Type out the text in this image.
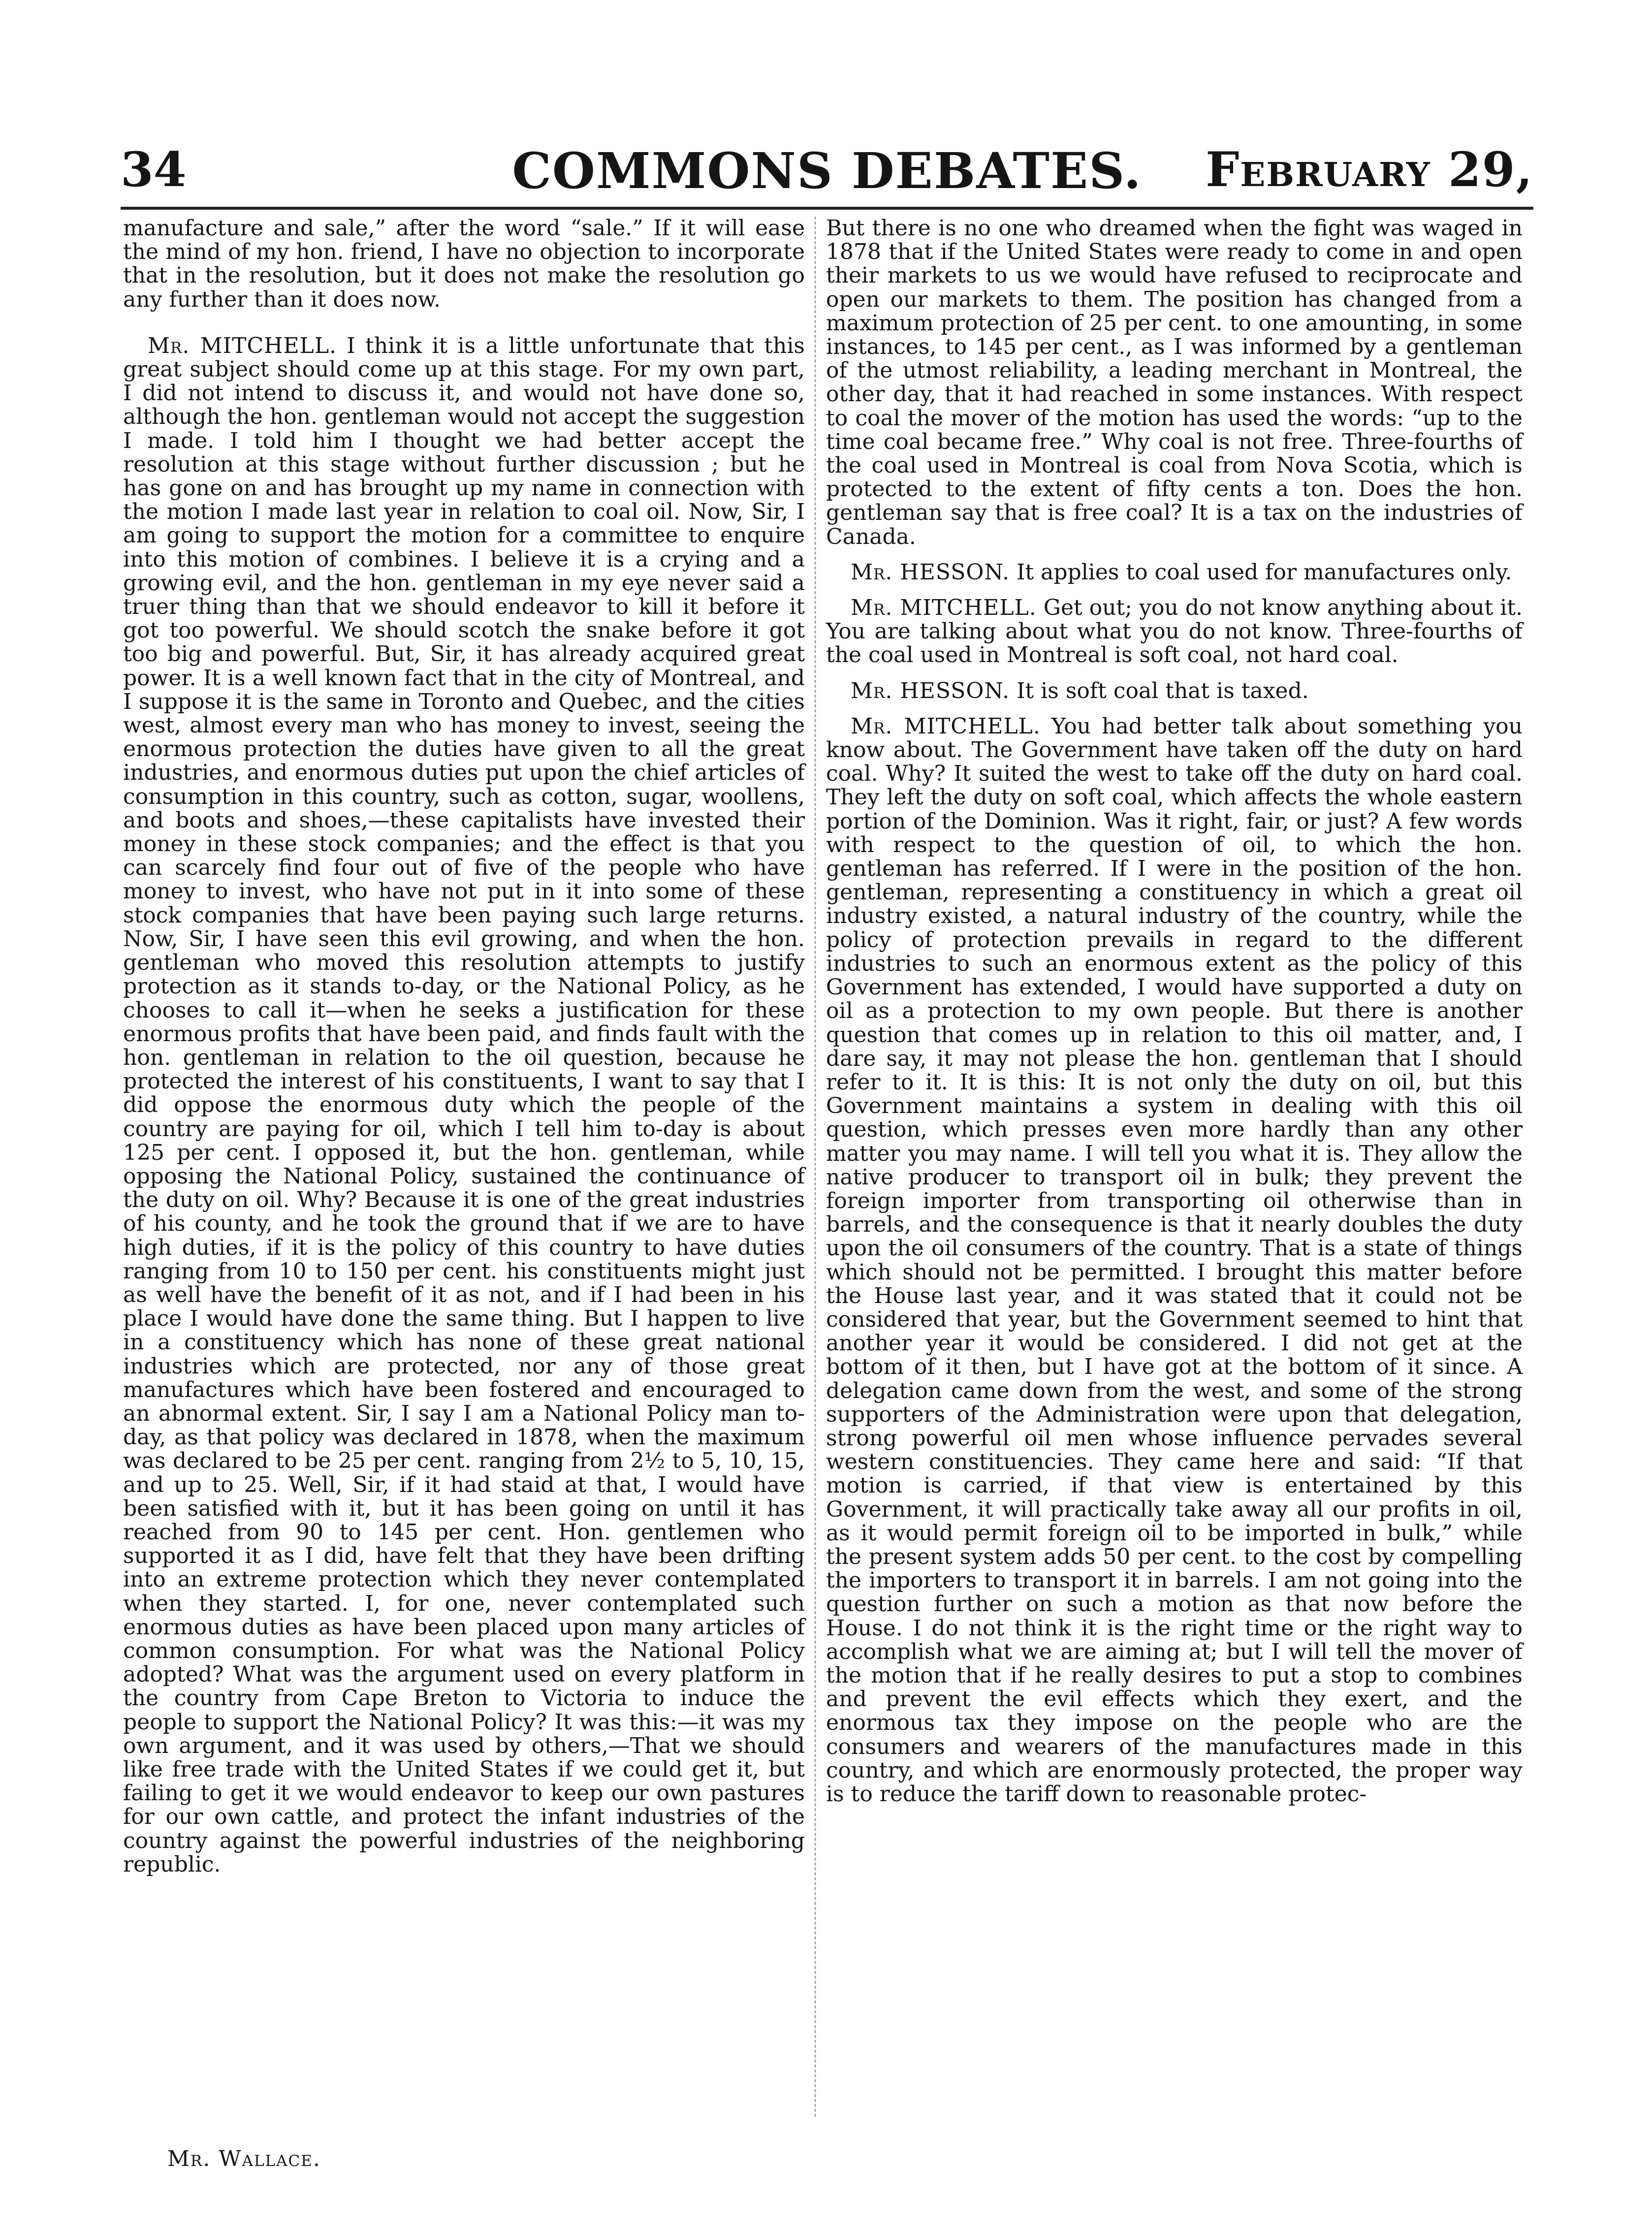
34	COMMONS DEBATES.	February 29,

manufacture and sale,” after the word “sale.” If it will ease the mind of my hon. friend, I have no objection to incorporate that in the resolution, but it does not make the resolution go any further than it does now.

Mr. MITCHELL. I think it is a little unfortunate that this great subject should come up at this stage. For my own part, I did not intend to discuss it, and would not have done so, although the hon. gentleman would not accept the suggestion I made. I told him I thought we had better accept the resolution at this stage without further discussion ; but he has gone on and has brought up my name in connection with the motion I made last year in relation to coal oil. Now, Sir, I am going to support the motion for a committee to enquire into this motion of combines. I believe it is a crying and a growing evil, and the hon. gentleman in my eye never said a truer thing than that we should endeavor to kill it before it got too powerful. We should scotch the snake before it got too big and powerful. But, Sir, it has already acquired great power. It is a well known fact that in the city of Montreal, and I suppose it is the same in Toronto and Quebec, and the cities west, almost every man who has money to invest, seeing the enormous protection the duties have given to all the great industries, and enormous duties put upon the chief articles of consumption in this country, such as cotton, sugar, woollens, and boots and shoes,—these capitalists have invested their money in these stock companies; and the effect is that you can scarcely find four out of five of the people who have money to invest, who have not put in it into some of these stock companies that have been paying such large returns. Now, Sir, I have seen this evil growing, and when the hon. gentleman who moved this resolution attempts to justify protection as it stands to-day, or the National Policy, as he chooses to call it—when he seeks a justification for these enormous profits that have been paid, and finds fault with the hon. gentleman in relation to the oil question, because he protected the interest of his constituents, I want to say that I did oppose the enormous duty which the people of the country are paying for oil, which I tell him to-day is about 125 per cent. I opposed it, but the hon. gentleman, while opposing the National Policy, sustained the continuance of the duty on oil. Why? Because it is one of the great industries of his county, and he took the ground that if we are to have high duties, if it is the policy of this country to have duties ranging from 10 to 150 per cent. his constituents might just as well have the benefit of it as not, and if I had been in his place I would have done the same thing. But I happen to live in a constituency which has none of these great national industries which are protected, nor any of those great manufactures which have been fostered and encouraged to an abnormal extent. Sir, I say I am a National Policy man to-day, as that policy was declared in 1878, when the maximum was declared to be 25 per cent. ranging from 2½ to 5, 10, 15, and up to 25. Well, Sir, if it had staid at that, I would have been satisfied with it, but it has been going on until it has reached from 90 to 145 per cent. Hon. gentlemen who supported it as I did, have felt that they have been drifting into an extreme protection which they never contemplated when they started. I, for one, never contemplated such enormous duties as have been placed upon many articles of common consumption. For what was the National Policy adopted? What was the argument used on every platform in the country from Cape Breton to Victoria to induce the people to support the National Policy? It was this:—it was my own argument, and it was used by others,—That we should like free trade with the United States if we could get it, but failing to get it we would endeavor to keep our own pastures for our own cattle, and protect the infant industries of the country against the powerful industries of the neighboring republic.

But there is no one who dreamed when the fight was waged in 1878 that if the United States were ready to come in and open their markets to us we would have refused to reciprocate and open our markets to them. The position has changed from a maximum protection of 25 per cent. to one amounting, in some instances, to 145 per cent., as I was informed by a gentleman of the utmost reliability, a leading merchant in Montreal, the other day, that it had reached in some instances. With respect to coal the mover of the motion has used the words: “up to the time coal became free.” Why coal is not free. Three-fourths of the coal used in Montreal is coal from Nova Scotia, which is protected to the extent of fifty cents a ton. Does the hon. gentleman say that is free coal? It is a tax on the industries of Canada.

Mr. HESSON. It applies to coal used for manufactures only.

Mr. MITCHELL. Get out; you do not know anything about it. You are talking about what you do not know. Three-fourths of the coal used in Montreal is soft coal, not hard coal.

Mr. HESSON. It is soft coal that is taxed.

Mr. MITCHELL. You had better talk about something you know about. The Government have taken off the duty on hard coal. Why? It suited the west to take off the duty on hard coal. They left the duty on soft coal, which affects the whole eastern portion of the Dominion. Was it right, fair, or just? A few words with respect to the question of oil, to which the hon. gentleman has referred. If I were in the position of the hon. gentleman, representing a constituency in which a great oil industry existed, a natural industry of the country, while the policy of protection prevails in regard to the different industries to such an enormous extent as the policy of this Government has extended, I would have supported a duty on oil as a protection to my own people. But there is another question that comes up in relation to this oil matter, and, I dare say, it may not please the hon. gentleman that I should refer to it. It is this: It is not only the duty on oil, but this Government maintains a system in dealing with this oil question, which presses even more hardly than any other matter you may name. I will tell you what it is. They allow the native producer to transport oil in bulk; they prevent the foreign importer from transporting oil otherwise than in barrels, and the consequence is that it nearly doubles the duty upon the oil consumers of the country. That is a state of things which should not be permitted. I brought this matter before the House last year, and it was stated that it could not be considered that year, but the Government seemed to hint that another year it would be considered. I did not get at the bottom of it then, but I have got at the bottom of it since. A delegation came down from the west, and some of the strong supporters of the Administration were upon that delegation, strong powerful oil men whose influence pervades several western constituencies. They came here and said: “If that motion is carried, if that view is entertained by this Government, it will practically take away all our profits in oil, as it would permit foreign oil to be imported in bulk,” while the present system adds 50 per cent. to the cost by compelling the importers to transport it in barrels. I am not going into the question further on such a motion as that now before the House. I do not think it is the right time or the right way to accomplish what we are aiming at; but I will tell the mover of the motion that if he really desires to put a stop to combines and prevent the evil effects which they exert, and the enormous tax they impose on the people who are the consumers and wearers of the manufactures made in this country, and which are enormously protected, the proper way is to reduce the tariff down to reasonable protec-

Mr. Wallace.
